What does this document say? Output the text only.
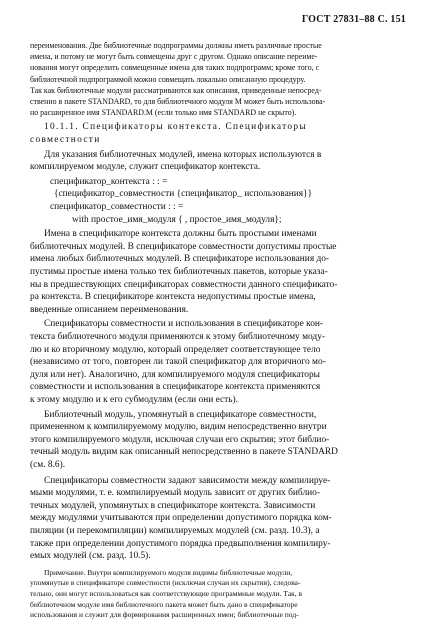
ГОСТ 27831–88 С. 151
переименования. Две библиотечные подпрограммы должны иметь различные простые
имена, и потому не могут быть совмещены друг с другом. Однако описание переиме-
нования могут определить совмещенные имена для таких подпрограмм; кроме того, с
библиотечной подпрограммой можно совмещать локально описанную процедуру.
Так как библиотечные модули рассматриваются как описания, приведенные непосред-
ственно в пакете STANDARD, то для библиотечного модуля M может быть использова-
но расширенное имя STANDARD.M (если только имя STANDARD не скрыто).
10.1.1. Спецификаторы контекста. Спецификаторы
совместности
Для указания библиотечных модулей, имена которых используются в
компилируемом модуле, служит спецификатор контекста.
спецификатор_контекста : : =
{спецификатор_совместности {спецификатор_ использования}}
спецификатор_совместности : : =
with простое_имя_модуля { , простое_имя_модуля};
Имена в спецификаторе контекста должны быть простыми именами
библиотечных модулей. В спецификаторе совместности допустимы простые
имена любых библиотечных модулей. В спецификаторе использования до-
пустимы простые имена только тех библиотечных пакетов, которые указа-
ны в предшествующих спецификаторах совместности данного спецификато-
ра контекста. В спецификаторе контекста недопустимы простые имена,
введенные описанием переименования.
Спецификаторы совместности и использования в спецификаторе кон-
текста библиотечного модуля применяются к этому библиотечному моду-
лю и ко вторичному модулю, который определяет соответствующее тело
(независимо от того, повторен ли такой спецификатор для вторичного мо-
дуля или нет). Аналогично, для компилируемого модуля спецификаторы
совместности и использования в спецификаторе контекста применяются
к этому модулю и к его субмодулям (если они есть).
Библиотечный модуль, упомянутый в спецификаторе совместности,
примененном к компилируемому модулю, видим непосредственно внутри
этого компилируемого модуля, исключая случаи его скрытия; этот библио-
течный модуль видим как описанный непосредственно в пакете STANDARD
(см. 8.6).
Спецификаторы совместности задают зависимости между компилируе-
мыми модулями, т. е. компилируемый модуль зависит от других библио-
течных модулей, упомянутых в спецификаторе контекста. Зависимости
между модулями учитываются при определении допустимого порядка ком-
пиляции (и перекомпиляции) компилируемых модулей (см. разд. 10.3), а
также при определении допустимого порядка предвыполнения компилиру-
емых модулей (см. разд. 10.5).
Примечание. Внутри компилируемого модуля видимы библиотечные модули,
упомянутые в спецификаторе совместности (исключая случаи их скрытия), следова-
тельно, они могут использоваться как соответствующие программные модули. Так, в
библиотечном модуле имя библиотечного пакета может быть дано в спецификаторе
использования и служит для формирования расширенных имен; библиотечные под-
